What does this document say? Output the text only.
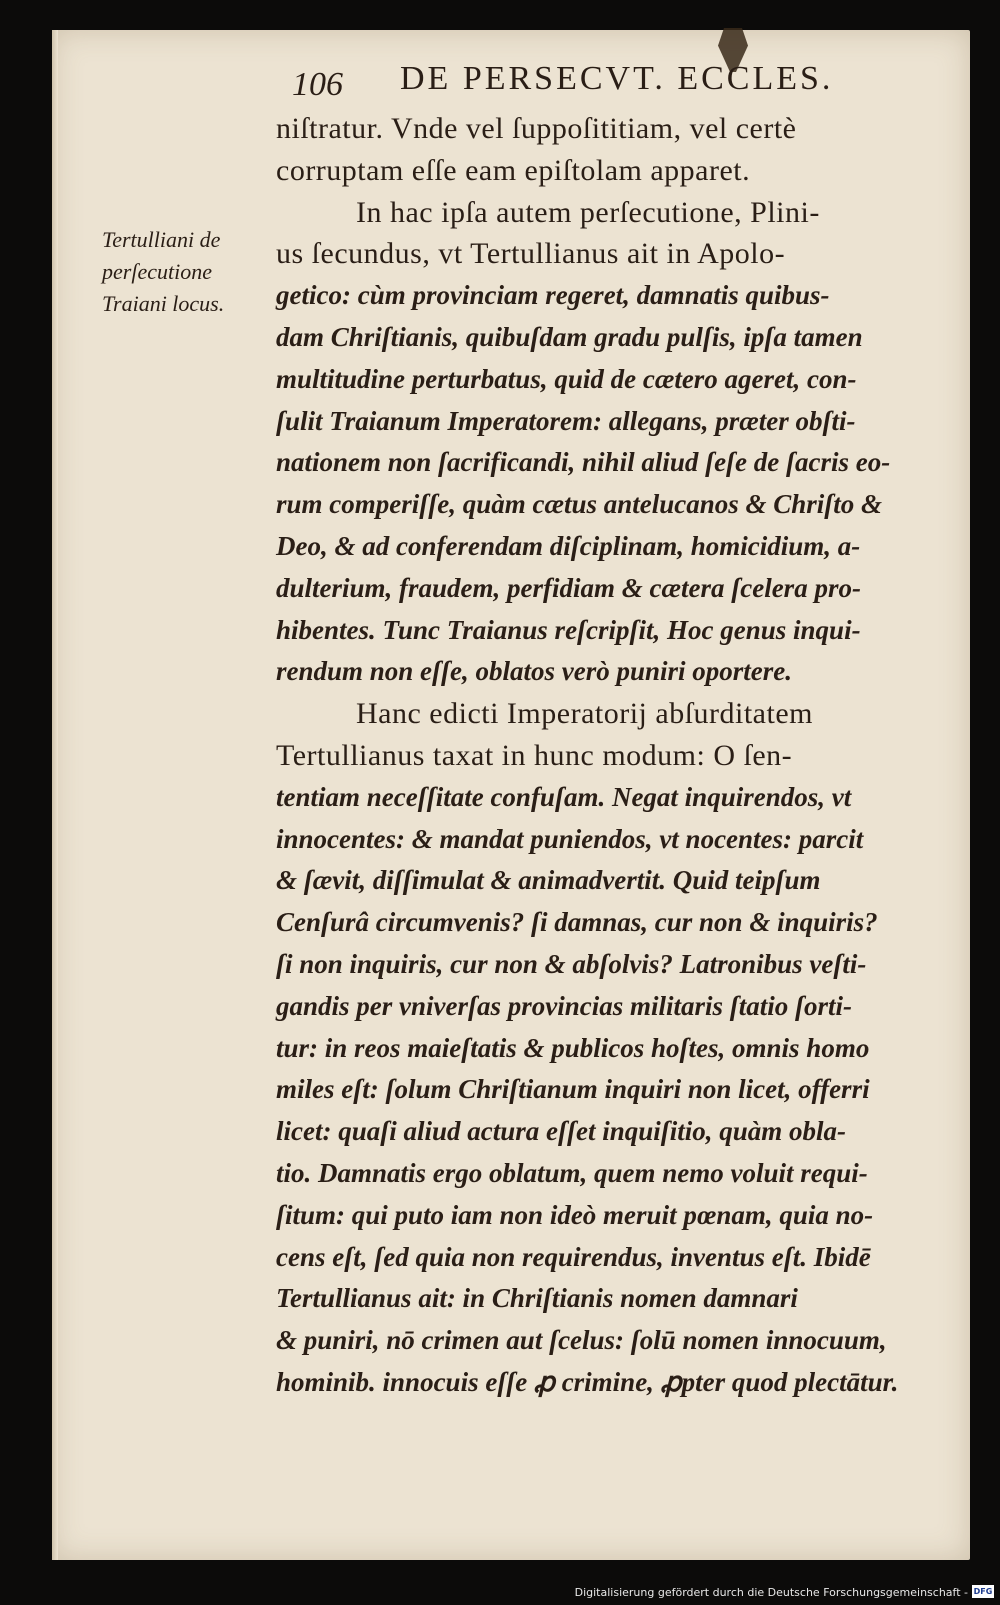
106 DE PERSECVT. ECCLES.
Tertulliani de
perſecutione
Traiani locus.
niſtratur. Vnde vel ſuppoſititiam, vel certè
corruptam eſſe eam epiſtolam apparet.
In hac ipſa autem perſecutione, Plini-
us ſecundus, vt Tertullianus ait in Apolo-
getico: cùm provinciam regeret, damnatis quibus-
dam Chriſtianis, quibuſdam gradu pulſis, ipſa tamen
multitudine perturbatus, quid de cætero ageret, con-
ſulit Traianum Imperatorem: allegans, præter obſti-
nationem non ſacrificandi, nihil aliud ſeſe de ſacris eo-
rum comperiſſe, quàm cætus antelucanos & Chriſto &
Deo, & ad conferendam diſciplinam, homicidium, a-
dulterium, fraudem, perfidiam & cætera ſcelera pro-
hibentes. Tunc Traianus reſcripſit, Hoc genus inqui-
rendum non eſſe, oblatos verò puniri oportere.
Hanc edicti Imperatorij abſurditatem
Tertullianus taxat in hunc modum: O ſen-
tentiam neceſſitate confuſam. Negat inquirendos, vt
innocentes: & mandat puniendos, vt nocentes: parcit
& ſævit, diſſimulat & animadvertit. Quid teipſum
Cenſurâ circumvenis? ſi damnas, cur non & inquiris?
ſi non inquiris, cur non & abſolvis? Latronibus veſti-
gandis per vniverſas provincias militaris ſtatio ſorti-
tur: in reos maieſtatis & publicos hoſtes, omnis homo
miles eſt: ſolum Chriſtianum inquiri non licet, offerri
licet: quaſi aliud actura eſſet inquiſitio, quàm obla-
tio. Damnatis ergo oblatum, quem nemo voluit requi-
ſitum: qui puto iam non ideò meruit pœnam, quia no-
cens eſt, ſed quia non requirendus, inventus eſt. Ibidē
Tertullianus ait: in Chriſtianis nomen damnari
& puniri, nō crimen aut ſcelus: ſolū nomen innocuum,
hominib. innocuis eſſe ꝓ crimine, ꝓpter quod plectātur.
Digitalisierung gefördert durch die Deutsche Forschungsgemeinschaft - DFG
